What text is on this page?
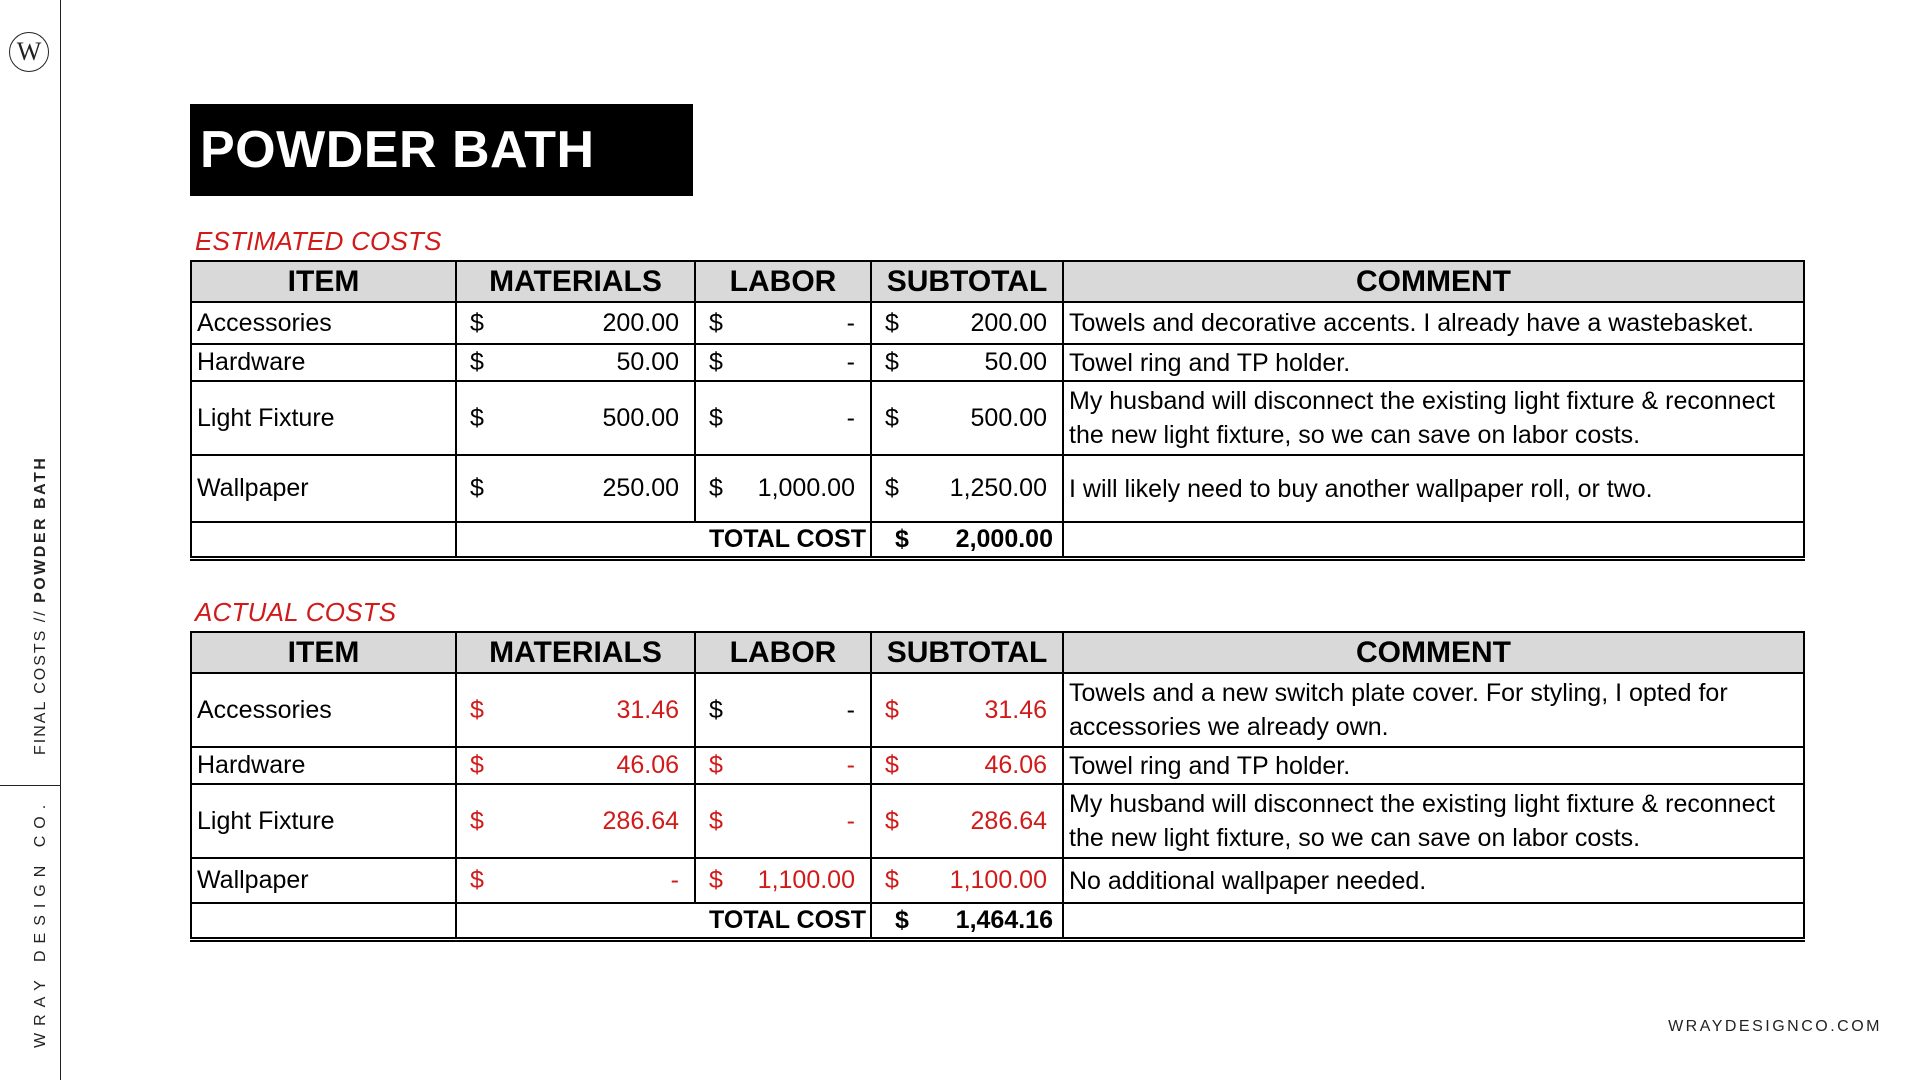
W
FINAL COSTS // POWDER BATH
WRAY DESIGN CO.
POWDER BATH
ESTIMATED COSTS
ITEM	MATERIALS	LABOR	SUBTOTAL	COMMENT
Accessories	$ 200.00	$ -	$ 200.00	Towels and decorative accents. I already have a wastebasket.
Hardware	$ 50.00	$ -	$ 50.00	Towel ring and TP holder.
Light Fixture	$ 500.00	$ -	$ 500.00	My husband will disconnect the existing light fixture & reconnect the new light fixture, so we can save on labor costs.
Wallpaper	$ 250.00	$ 1,000.00	$ 1,250.00	I will likely need to buy another wallpaper roll, or two.
	TOTAL COST		$ 2,000.00	

ACTUAL COSTS
ITEM	MATERIALS	LABOR	SUBTOTAL	COMMENT
Accessories	$ 31.46	$ -	$ 31.46	Towels and a new switch plate cover. For styling, I opted for accessories we already own.
Hardware	$ 46.06	$ -	$ 46.06	Towel ring and TP holder.
Light Fixture	$ 286.64	$ -	$ 286.64	My husband will disconnect the existing light fixture & reconnect the new light fixture, so we can save on labor costs.
Wallpaper	$ -	$ 1,100.00	$ 1,100.00	No additional wallpaper needed.
	TOTAL COST		$ 1,464.16	

WRAYDESIGNCO.COM
